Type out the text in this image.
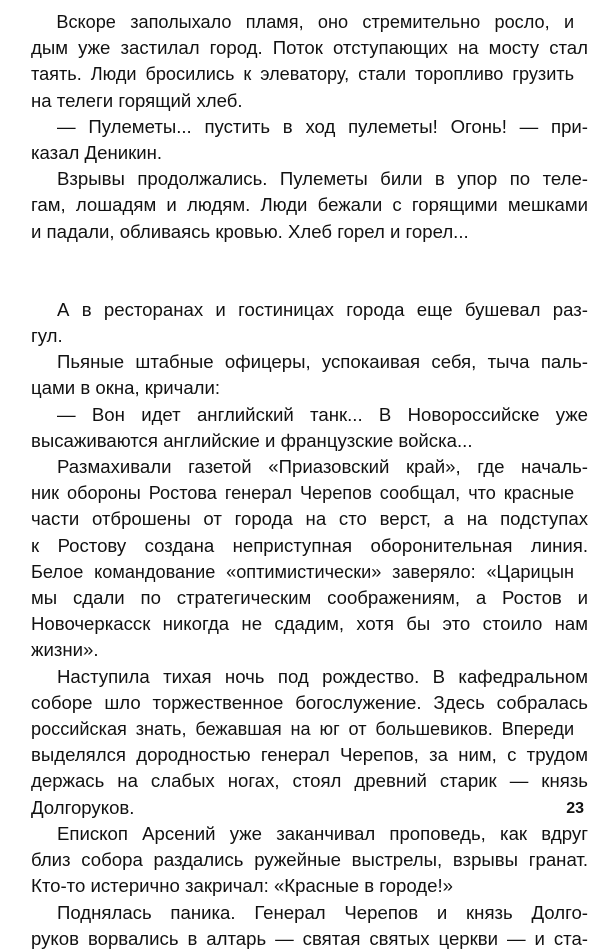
Вскоре заполыхало пламя, оно стремительно росло, и
дым уже застилал город. Поток отступающих на мосту стал
таять. Люди бросились к элеватору, стали торопливо грузить
на телеги горящий хлеб.
— Пулеметы... пустить в ход пулеметы! Огонь! — при-
казал Деникин.
Взрывы продолжались. Пулеметы били в упор по теле-
гам, лошадям и людям. Люди бежали с горящими мешками
и падали, обливаясь кровью. Хлеб горел и горел...
А в ресторанах и гостиницах города еще бушевал раз-
гул.
Пьяные штабные офицеры, успокаивая себя, тыча паль-
цами в окна, кричали:
— Вон идет английский танк... В Новороссийске уже
высаживаются английские и французские войска...
Размахивали газетой «Приазовский край», где началь-
ник обороны Ростова генерал Черепов сообщал, что красные
части отброшены от города на сто верст, а на подступах
к Ростову создана неприступная оборонительная линия.
Белое командование «оптимистически» заверяло: «Царицын
мы сдали по стратегическим соображениям, а Ростов и
Новочеркасск никогда не сдадим, хотя бы это стоило нам
жизни».
Наступила тихая ночь под рождество. В кафедральном
соборе шло торжественное богослужение. Здесь собралась
российская знать, бежавшая на юг от большевиков. Впереди
выделялся дородностью генерал Черепов, за ним, с трудом
держась на слабых ногах, стоял древний старик — князь
Долгоруков.
Епископ Арсений уже заканчивал проповедь, как вдруг
близ собора раздались ружейные выстрелы, взрывы гранат.
Кто-то истерично закричал: «Красные в городе!»
Поднялась паника. Генерал Черепов и князь Долго-
руков ворвались в алтарь — святая святых церкви — и ста-
23
